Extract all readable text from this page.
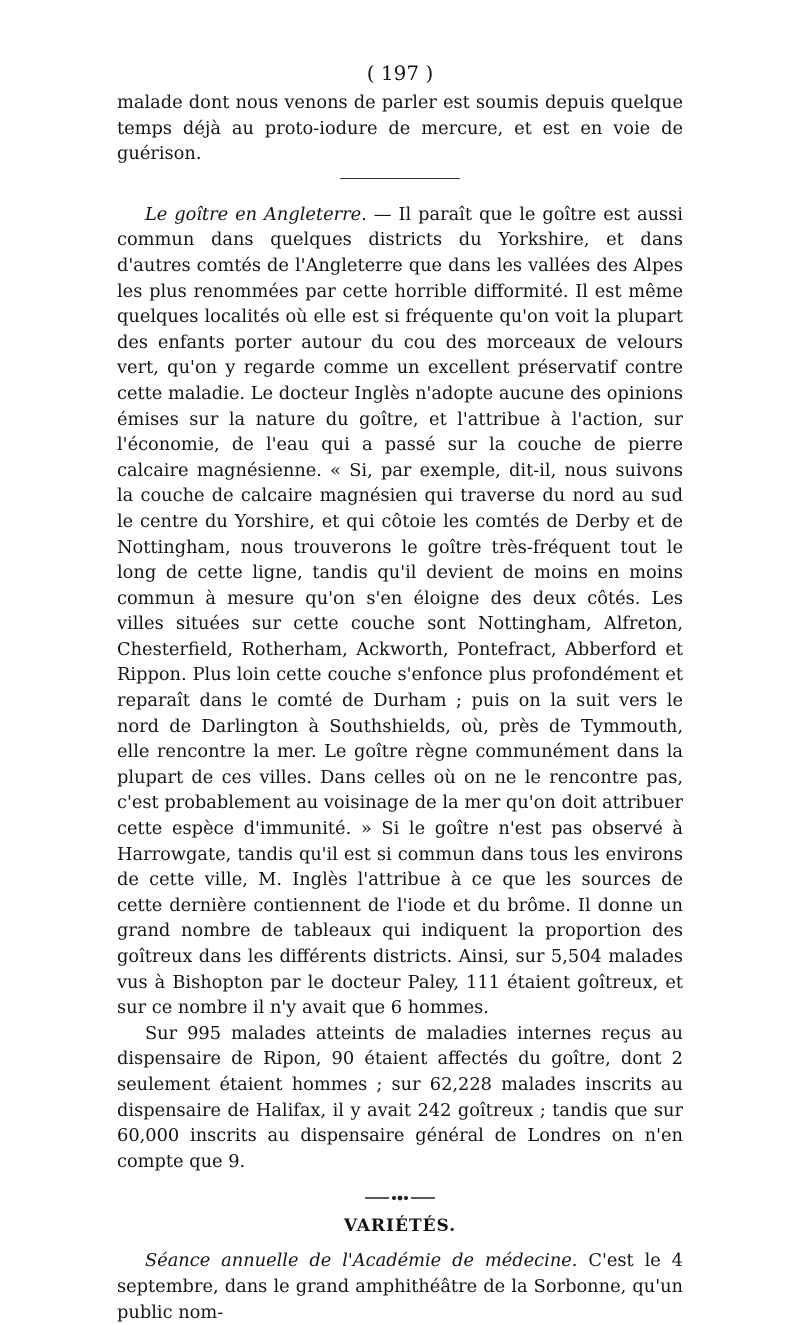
( 197 )

malade dont nous venons de parler est soumis depuis quelque temps déjà au proto-iodure de mercure, et est en voie de guérison.

Le goître en Angleterre. — Il paraît que le goître est aussi commun dans quelques districts du Yorkshire, et dans d'autres comtés de l'Angleterre que dans les vallées des Alpes les plus renommées par cette horrible difformité. Il est même quelques localités où elle est si fréquente qu'on voit la plupart des enfants porter autour du cou des morceaux de velours vert, qu'on y regarde comme un excellent préservatif contre cette maladie. Le docteur Inglès n'adopte aucune des opinions émises sur la nature du goître, et l'attribue à l'action, sur l'économie, de l'eau qui a passé sur la couche de pierre calcaire magnésienne. « Si, par exemple, dit-il, nous suivons la couche de calcaire magnésien qui traverse du nord au sud le centre du Yorshire, et qui côtoie les comtés de Derby et de Nottingham, nous trouverons le goître très-fréquent tout le long de cette ligne, tandis qu'il devient de moins en moins commun à mesure qu'on s'en éloigne des deux côtés. Les villes situées sur cette couche sont Nottingham, Alfreton, Chesterfield, Rotherham, Ackworth, Pontefract, Abberford et Rippon. Plus loin cette couche s'enfonce plus profondément et reparaît dans le comté de Durham ; puis on la suit vers le nord de Darlington à Southshields, où, près de Tymmouth, elle rencontre la mer. Le goître règne communément dans la plupart de ces villes. Dans celles où on ne le rencontre pas, c'est probablement au voisinage de la mer qu'on doit attribuer cette espèce d'immunité. » Si le goître n'est pas observé à Harrowgate, tandis qu'il est si commun dans tous les environs de cette ville, M. Inglès l'attribue à ce que les sources de cette dernière contiennent de l'iode et du brôme. Il donne un grand nombre de tableaux qui indiquent la proportion des goîtreux dans les différents districts. Ainsi, sur 5,504 malades vus à Bishopton par le docteur Paley, 111 étaient goîtreux, et sur ce nombre il n'y avait que 6 hommes.

Sur 995 malades atteints de maladies internes reçus au dispensaire de Ripon, 90 étaient affectés du goître, dont 2 seulement étaient hommes ; sur 62,228 malades inscrits au dispensaire de Halifax, il y avait 242 goîtreux ; tandis que sur 60,000 inscrits au dispensaire général de Londres on n'en compte que 9.

VARIÉTÉS.

Séance annuelle de l'Académie de médecine. C'est le 4 septembre, dans le grand amphithéâtre de la Sorbonne, qu'un public nom-
